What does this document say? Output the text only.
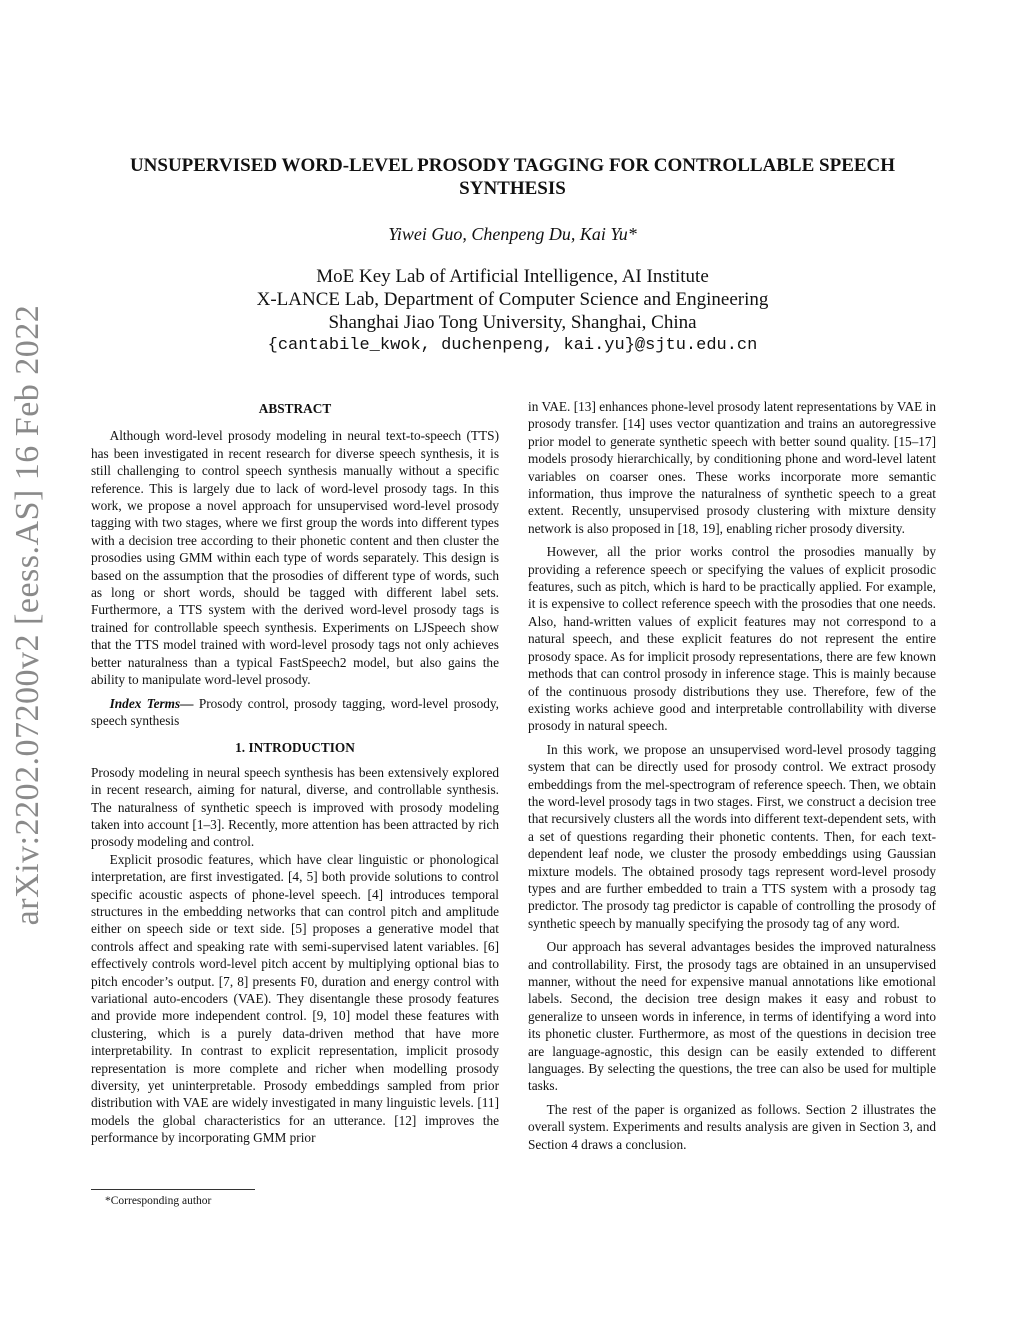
arXiv:2202.07200v2 [eess.AS] 16 Feb 2022
UNSUPERVISED WORD-LEVEL PROSODY TAGGING FOR CONTROLLABLE SPEECH SYNTHESIS
Yiwei Guo, Chenpeng Du, Kai Yu*
MoE Key Lab of Artificial Intelligence, AI Institute
X-LANCE Lab, Department of Computer Science and Engineering
Shanghai Jiao Tong University, Shanghai, China
{cantabile_kwok, duchenpeng, kai.yu}@sjtu.edu.cn
ABSTRACT

Although word-level prosody modeling in neural text-to-speech (TTS) has been investigated in recent research for diverse speech synthesis, it is still challenging to control speech synthesis manually without a specific reference. This is largely due to lack of word-level prosody tags. In this work, we propose a novel approach for unsupervised word-level prosody tagging with two stages, where we first group the words into different types with a decision tree according to their phonetic content and then cluster the prosodies using GMM within each type of words separately. This design is based on the assumption that the prosodies of different type of words, such as long or short words, should be tagged with different label sets. Furthermore, a TTS system with the derived word-level prosody tags is trained for controllable speech synthesis. Experiments on LJSpeech show that the TTS model trained with word-level prosody tags not only achieves better naturalness than a typical FastSpeech2 model, but also gains the ability to manipulate word-level prosody.

Index Terms— Prosody control, prosody tagging, word-level prosody, speech synthesis

1. INTRODUCTION

Prosody modeling in neural speech synthesis has been extensively explored in recent research, aiming for natural, diverse, and controllable synthesis. The naturalness of synthetic speech is improved with prosody modeling taken into account [1–3]. Recently, more attention has been attracted by rich prosody modeling and control.

Explicit prosodic features, which have clear linguistic or phonological interpretation, are first investigated. [4, 5] both provide solutions to control specific acoustic aspects of phone-level speech. [4] introduces temporal structures in the embedding networks that can control pitch and amplitude either on speech side or text side. [5] proposes a generative model that controls affect and speaking rate with semi-supervised latent variables. [6] effectively controls word-level pitch accent by multiplying optional bias to pitch encoder’s output. [7, 8] presents F0, duration and energy control with variational auto-encoders (VAE). They disentangle these prosody features and provide more independent control. [9, 10] model these features with clustering, which is a purely data-driven method that have more interpretability. In contrast to explicit representation, implicit prosody representation is more complete and richer when modelling prosody diversity, yet uninterpretable. Prosody embeddings sampled from prior distribution with VAE are widely investigated in many linguistic levels. [11] models the global characteristics for an utterance. [12] improves the performance by incorporating GMM prior

in VAE. [13] enhances phone-level prosody latent representations by VAE in prosody transfer. [14] uses vector quantization and trains an autoregressive prior model to generate synthetic speech with better sound quality. [15–17] models prosody hierarchically, by conditioning phone and word-level latent variables on coarser ones. These works incorporate more semantic information, thus improve the naturalness of synthetic speech to a great extent. Recently, unsupervised prosody clustering with mixture density network is also proposed in [18, 19], enabling richer prosody diversity.

However, all the prior works control the prosodies manually by providing a reference speech or specifying the values of explicit prosodic features, such as pitch, which is hard to be practically applied. For example, it is expensive to collect reference speech with the prosodies that one needs. Also, hand-written values of explicit features may not correspond to a natural speech, and these explicit features do not represent the entire prosody space. As for implicit prosody representations, there are few known methods that can control prosody in inference stage. This is mainly because of the continuous prosody distributions they use. Therefore, few of the existing works achieve good and interpretable controllability with diverse prosody in natural speech.

In this work, we propose an unsupervised word-level prosody tagging system that can be directly used for prosody control. We extract prosody embeddings from the mel-spectrogram of reference speech. Then, we obtain the word-level prosody tags in two stages. First, we construct a decision tree that recursively clusters all the words into different text-dependent sets, with a set of questions regarding their phonetic contents. Then, for each text-dependent leaf node, we cluster the prosody embeddings using Gaussian mixture models. The obtained prosody tags represent word-level prosody types and are further embedded to train a TTS system with a prosody tag predictor. The prosody tag predictor is capable of controlling the prosody of synthetic speech by manually specifying the prosody tag of any word.

Our approach has several advantages besides the improved naturalness and controllability. First, the prosody tags are obtained in an unsupervised manner, without the need for expensive manual annotations like emotional labels. Second, the decision tree design makes it easy and robust to generalize to unseen words in inference, in terms of identifying a word into its phonetic cluster. Furthermore, as most of the questions in decision tree are language-agnostic, this design can be easily extended to different languages. By selecting the questions, the tree can also be used for multiple tasks.

The rest of the paper is organized as follows. Section 2 illustrates the overall system. Experiments and results analysis are given in Section 3, and Section 4 draws a conclusion.

*Corresponding author
